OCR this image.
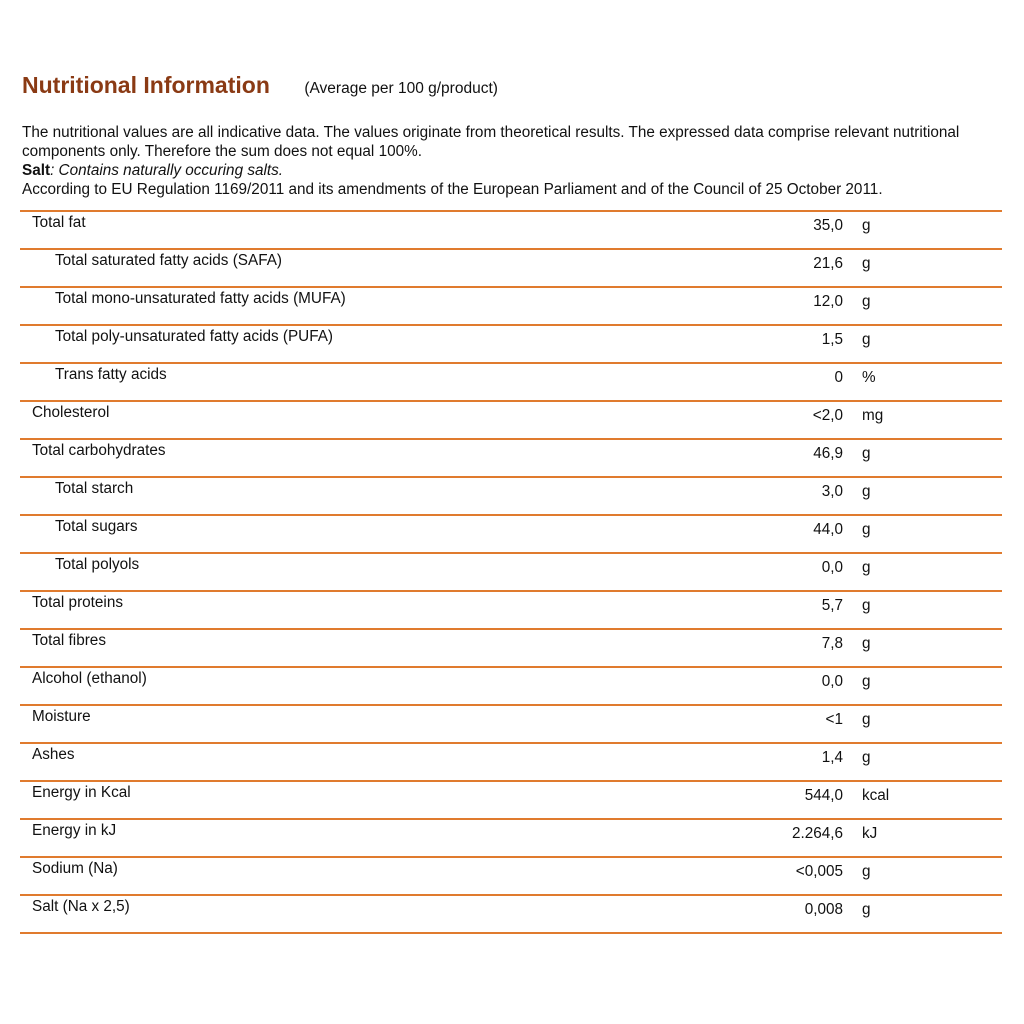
Nutritional Information (Average per 100 g/product)

The nutritional values are all indicative data. The values originate from theoretical results. The expressed data comprise relevant nutritional components only. Therefore the sum does not equal 100%.

Salt: Contains naturally occuring salts.

According to EU Regulation 1169/2011 and its amendments of the European Parliament and of the Council of 25 October 2011.

Total fat	35,0 g
Total saturated fatty acids (SAFA)	21,6 g
Total mono-unsaturated fatty acids (MUFA)	12,0 g
Total poly-unsaturated fatty acids (PUFA)	1,5 g
Trans fatty acids	0 %
Cholesterol	<2,0 mg
Total carbohydrates	46,9 g
Total starch	3,0 g
Total sugars	44,0 g
Total polyols	0,0 g
Total proteins	5,7 g
Total fibres	7,8 g
Alcohol (ethanol)	0,0 g
Moisture	<1 g
Ashes	1,4 g
Energy in Kcal	544,0 kcal
Energy in kJ	2.264,6 kJ
Sodium (Na)	<0,005 g
Salt (Na x 2,5)	0,008 g
